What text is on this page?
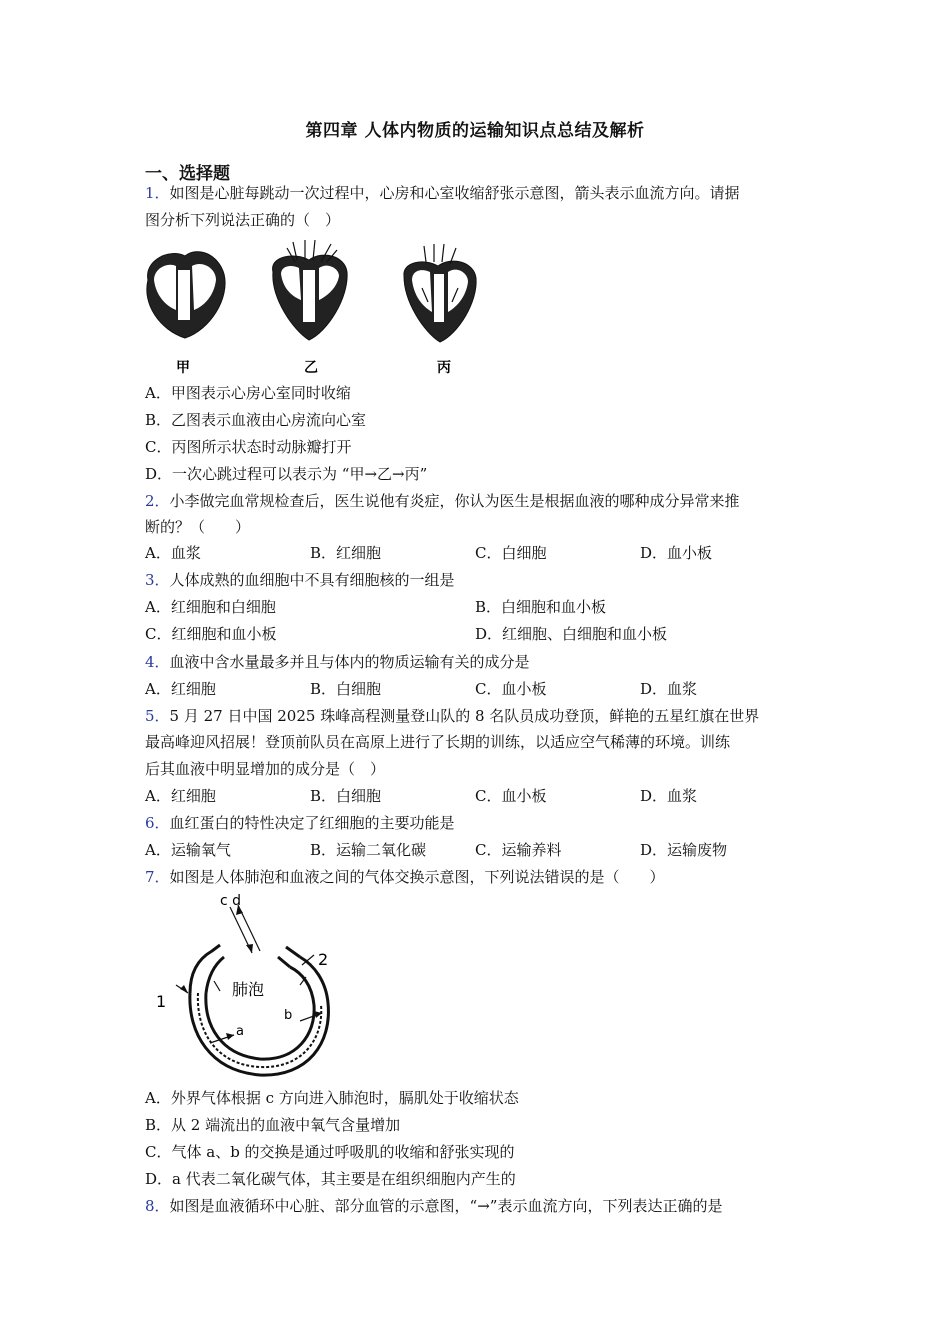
第四章 人体内物质的运输知识点总结及解析
一、选择题
1．如图是心脏每跳动一次过程中，心房和心室收缩舒张示意图，箭头表示血流方向。请据
图分析下列说法正确的（　）
甲	乙	丙
A．甲图表示心房心室同时收缩
B．乙图表示血液由心房流向心室
C．丙图所示状态时动脉瓣打开
D．一次心跳过程可以表示为 “甲→乙→丙”
2．小李做完血常规检查后，医生说他有炎症，你认为医生是根据血液的哪种成分异常来推
断的？（　　）
A．血浆	B．红细胞	C．白细胞	D．血小板
3．人体成熟的血细胞中不具有细胞核的一组是
A．红细胞和白细胞	B．白细胞和血小板
C．红细胞和血小板	D．红细胞、白细胞和血小板
4．血液中含水量最多并且与体内的物质运输有关的成分是
A．红细胞	B．白细胞	C．血小板	D．血浆
5．5 月 27 日中国 2025 珠峰高程测量登山队的 8 名队员成功登顶，鲜艳的五星红旗在世界
最高峰迎风招展！登顶前队员在高原上进行了长期的训练，以适应空气稀薄的环境。训练
后其血液中明显增加的成分是（　）
A．红细胞	B．白细胞	C．血小板	D．血浆
6．血红蛋白的特性决定了红细胞的主要功能是
A．运输氧气	B．运输二氧化碳	C．运输养料	D．运输废物
7．如图是人体肺泡和血液之间的气体交换示意图，下列说法错误的是（　　）
c d
肺泡
1
2
a
b
A．外界气体根据 c 方向进入肺泡时，膈肌处于收缩状态
B．从 2 端流出的血液中氧气含量增加
C．气体 a、b 的交换是通过呼吸肌的收缩和舒张实现的
D．a 代表二氧化碳气体，其主要是在组织细胞内产生的
8．如图是血液循环中心脏、部分血管的示意图，“→”表示血流方向，下列表达正确的是
